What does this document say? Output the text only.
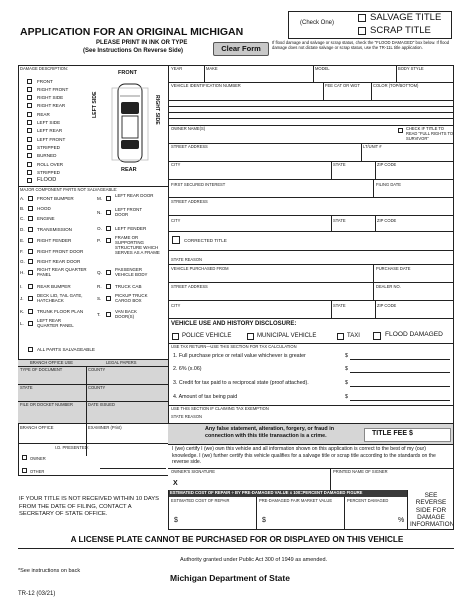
APPLICATION FOR AN ORIGINAL MICHIGAN
PLEASE PRINT IN INK OR TYPE
(See Instructions On Reverse Side)	Clear Form
(Check One)	SALVAGE TITLE
SCRAP TITLE
If flood damage and salvage or scrap status, check the "FLOOD DAMAGED" box below. If flood damage does not dictate salvage or scrap status, use the TR-11L title application.
DAMAGE DESCRIPTION:
FRONT
RIGHT FRONT
RIGHT SIDE
RIGHT REAR
REAR
LEFT SIDE
LEFT REAR
LEFT FRONT
STRIPPED
BURNED
ROLL OVER
STRIPPED
FLOOD
FRONT
REAR
LEFT SIDE	RIGHT SIDE
MAJOR COMPONENT PARTS NOT SALVAGEABLE:
A.	FRONT BUMPER
B.	HOOD
C.	ENGINE
D.	TRANSMISSION
E.	RIGHT FENDER
F.	RIGHT FRONT DOOR
G.	RIGHT REAR DOOR
H.
RIGHT REAR QUARTER PANEL
I.	REAR BUMPER
J.
DECK LID, TAIL GATE, HATCHBACK
K.	TRUNK FLOOR PLAN
L.
LEFT REAR QUARTER PANEL
M.
LEFT REAR DOOR
N.
LEFT FRONT DOOR
O.	LEFT FENDER
P.
FRAME OR SUPPORTING STRUCTURE WHICH SERVES AS A FRAME
Q.
PASSENGER VEHICLE BODY
R.	TRUCK CAB
S.
PICKUP TRUCK CARGO BOX
T.
VAN BACK DOOR(S)
ALL PARTS SALVAGEABLE
BRANCH OFFICE USE	LEGAL PAPERS
TYPE OF DOCUMENT	COUNTY
STATE	COUNTY
FILE OR DOCKET NUMBER	DATE ISSUED
BRANCH OFFICE	EXAMINER (Print)
OWNER
I.D. PRESENTED:
OTHER
YEAR	MAKE	MODEL	BODY STYLE
VEHICLE IDENTIFICATION NUMBER	FEE CAT OR WGT	COLOR (TOP/BOTTOM)
OWNER NAME(S)	CHECK IF TITLE TO READ "FULL RIGHTS TO SURVIVOR"
STREET ADDRESS	LT/UNIT #
CITY	STATE	ZIP CODE
FIRST SECURED INTEREST	FILING DATE
STREET ADDRESS
CITY	STATE	ZIP CODE
CORRECTED TITLE
STATE REASON
VEHICLE PURCHASED FROM	PURCHASE DATE
STREET ADDRESS	DEALER NO.
CITY	STATE	ZIP CODE
VEHICLE USE AND HISTORY DISCLOSURE:
POLICE VEHICLE	MUNICIPAL VEHICLE	TAXI	FLOOD DAMAGED
USE TAX RETURN—USE THIS SECTION FOR TAX CALCULATION
1. Full purchase price or retail value whichever is greater	$
2. 6% (x.06)	$
3. Credit for tax paid to a reciprocal state (proof attached).	$
4. Amount of tax being paid	$
USE THIS SECTION IF CLAIMING TAX EXEMPTION
STATE REASON
Any false statement, alteration, forgery, or fraud in connection with this title transaction is a crime.	TITLE FEE $
I (we) certify I (we) own this vehicle and all information shown on this application is correct to the best of my (our) knowledge. I (we) further certify this vehicle qualifies for a salvage title or scrap title according to the standards on the reverse side.
OWNER'S SIGNATURE	PRINTED NAME OF SIGNER
X
ESTIMATED COST OF REPAIR ÷ BY PRE-DAMAGED VALUE x 100=PERCENT DAMAGED FIGURE
ESTIMATED COST OF REPAIR	PRE-DAMAGED FAIR MARKET VALUE	PERCENT DAMAGED
$	$	%
SEE REVERSE SIDE FOR DAMAGE INFORMATION
IF YOUR TITLE IS NOT RECEIVED WITHIN 10 DAYS FROM THE DATE OF FILING, CONTACT A SECRETARY OF STATE OFFICE.
A LICENSE PLATE CANNOT BE PURCHASED FOR OR DISPLAYED ON THIS VEHICLE
Authority granted under Public Act 300 of 1949 as amended.
*See instructions on back
Michigan Department of State
TR-12 (03/21)
